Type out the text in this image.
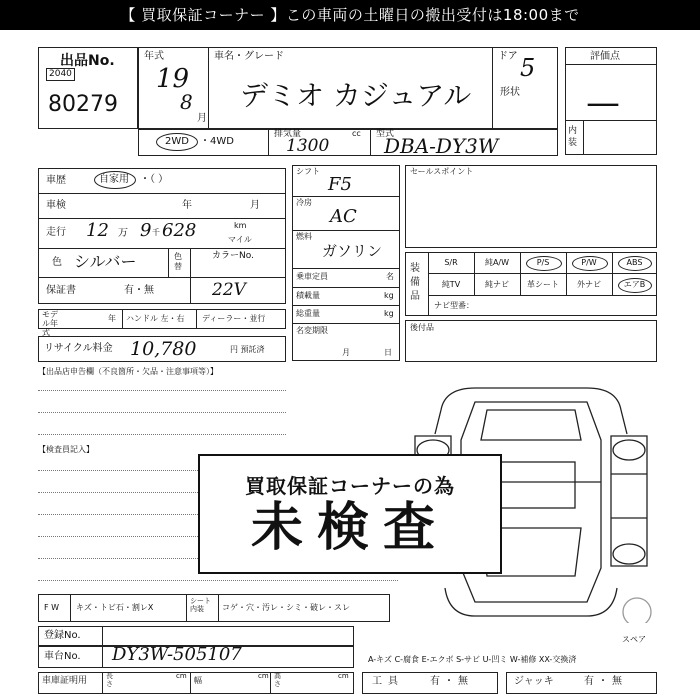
【 買取保証コーナー 】この車両の土曜日の搬出受付は18:00まで
出品No.
2040
80279
年式
19
8
月
車名・グレード
デミオ カジュアル
ドア 5
形状
評価点
—
内装
2WD ・4WD
排気量	cc
1300
型式
DBA-DY3W
車歴	自家用 ・（ ）
車検	年	月
走行 12 万 9 千 628	km
マイル
色 シルバー	色替
カラーNo.
保証書	有・無	22V
モデル年式
年 ハンドル 左・右 ディーラー・並行
リサイクル料金 10,780	円 預託済
【出品店申告欄（不良箇所・欠品・注意事項等）】
シフト
F5
冷房
AC
燃料
ガソリン
乗車定員	名
積載量	kg
総重量	kg
名変期限
月	日
セールスポイント
装備品
S/R	純A/W	P/S	P/W	ABS
純TV	純ナビ	革シート	外ナビ	エアB
ナビ型番：
後付品
スペア
【検査員記入】
買取保証コーナーの為
未検査
F W キズ・トビ石・割レX
シート内装	コゲ・穴・汚レ・シミ・破レ・スレ
登録No.
車台No. DY3W-505107
車庫証明用	長さ
cm 幅	cm 高さ
cm
A-キズ C-腐食 E-エクボ S-サビ U-凹ミ W-補修 XX-交換済
工具	有・無	ジャッキ	有・無
